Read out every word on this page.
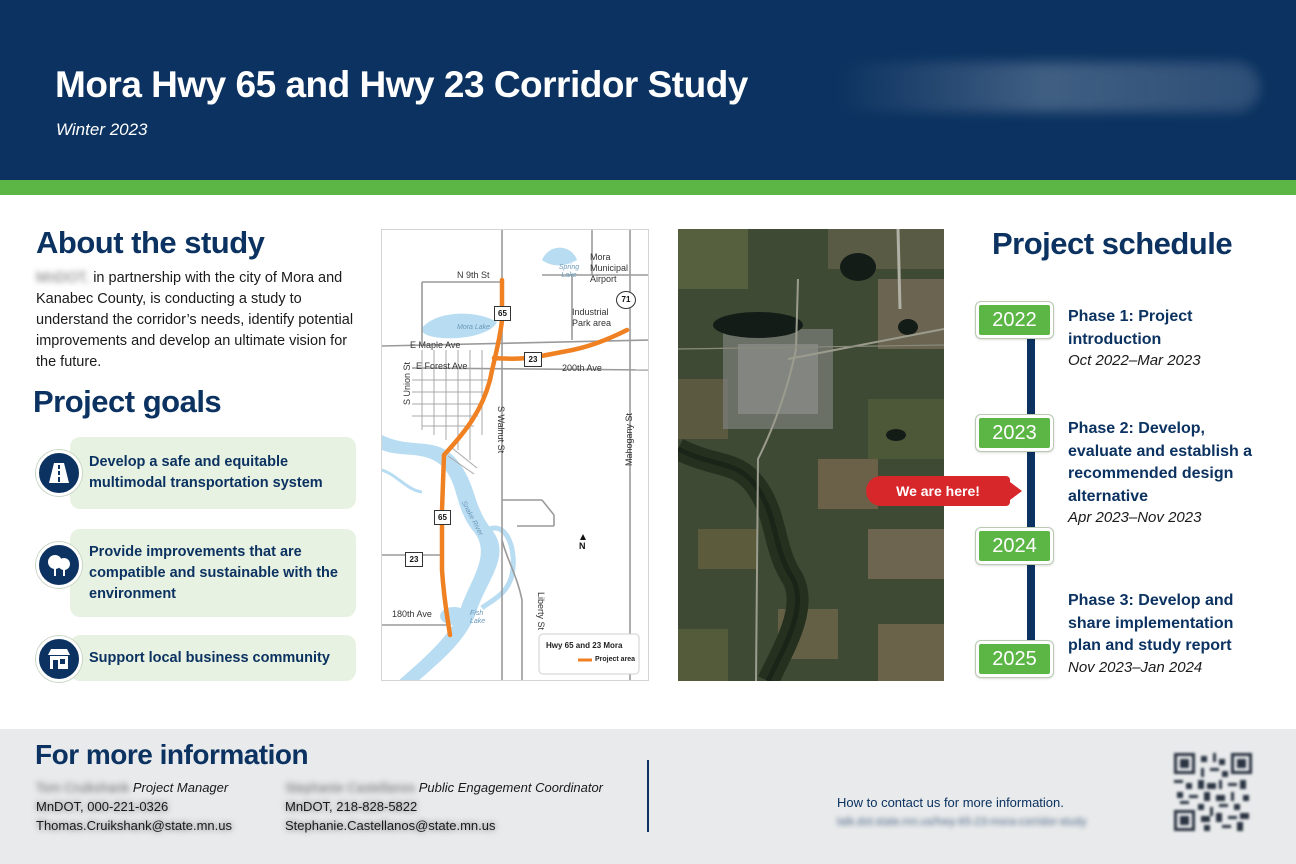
Mora Hwy 65 and Hwy 23 Corridor Study
Winter 2023
About the study
MnDOT, in partnership with the city of Mora and Kanabec County, is conducting a study to understand the corridor’s needs, identify potential improvements and develop an ultimate vision for the future.
Project goals
Develop a safe and equitable multimodal transportation system
Provide improvements that are compatible and sustainable with the environment
Support local business community
N 9th St
Mora Municipal Airport
Spring Lake
Industrial Park area
Mora Lake
E Maple Ave
E Forest Ave	200th Ave
S Union St
S Walnut St	Mahogany St
Snake River
Liberty St
180th Ave	Fish Lake
N
65
23
71
65
23
Hwy 65 and 23 Mora
Project area
Project schedule
2022
2023
2024
2025
Phase 1: Project introduction
Oct 2022–Mar 2023
Phase 2: Develop, evaluate and establish a recommended design alternative
Apr 2023–Nov 2023
Phase 3: Develop and share implementation plan and study report
Nov 2023–Jan 2024
We are here!
For more information
Tom Cruikshank Project Manager
MnDOT, 000-221-0326
Thomas.Cruikshank@state.mn.us
Stephanie Castellanos Public Engagement Coordinator
MnDOT, 218-828-5822
Stephanie.Castellanos@state.mn.us
How to contact us for more information.
talk.dot.state.mn.us/hwy-65-23-mora-corridor-study
